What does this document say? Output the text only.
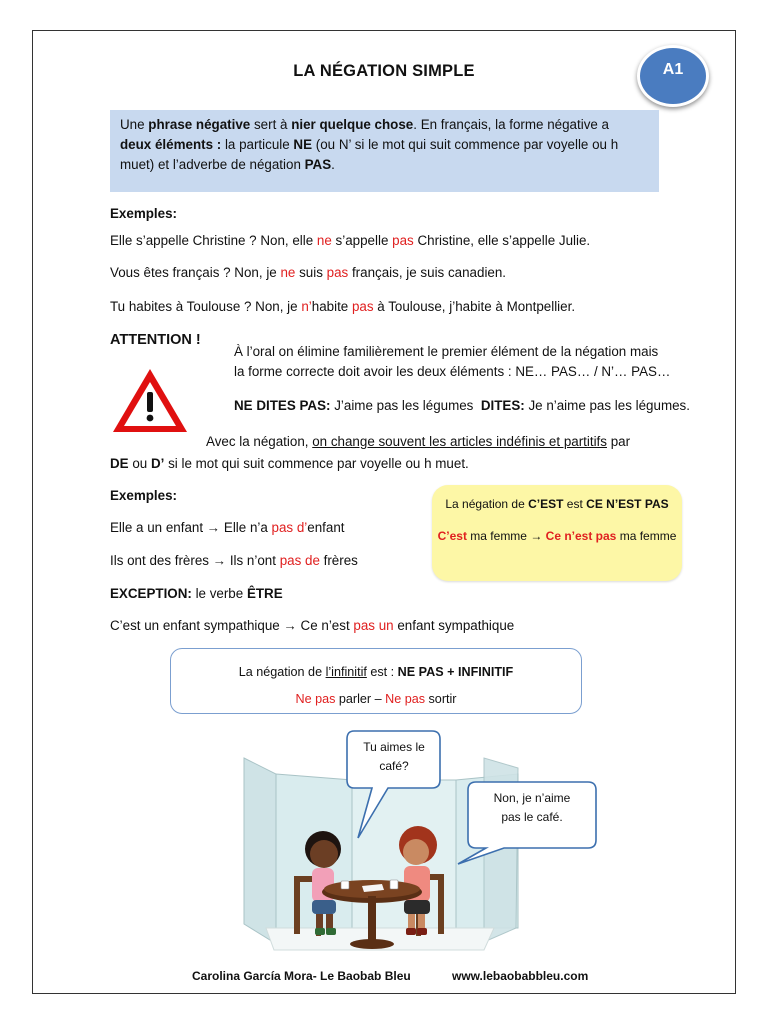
LA NÉGATION SIMPLE	A1
Une phrase négative sert à nier quelque chose. En français, la forme négative a
deux éléments : la particule NE (ou N’ si le mot qui suit commence par voyelle ou h
muet) et l’adverbe de négation PAS.
Exemples:
Elle s’appelle Christine ? Non, elle ne s’appelle pas Christine, elle s’appelle Julie.
Vous êtes français ? Non, je ne suis pas français, je suis canadien.
Tu habites à Toulouse ? Non, je n’habite pas à Toulouse, j’habite à Montpellier.
ATTENTION !
À l’oral on élimine familièrement le premier élément de la négation mais
la forme correcte doit avoir les deux éléments : NE… PAS… / N’… PAS…
NE DITES PAS: J’aime pas les légumes  DITES: Je n’aime pas les légumes.
Avec la négation, on change souvent les articles indéfinis et partitifs par
DE ou D’ si le mot qui suit commence par voyelle ou h muet.
Exemples:
Elle a un enfant → Elle n’a pas d’enfant
Ils ont des frères → Ils n’ont pas de frères
EXCEPTION: le verbe ÊTRE
C’est un enfant sympathique → Ce n’est pas un enfant sympathique
La négation de C’EST est CE N’EST PAS
C’est ma femme → Ce n’est pas ma femme
La négation de l’infinitif est : NE PAS + INFINITIF
Ne pas parler – Ne pas sortir
Tu aimes le
café?
Non, je n’aime
pas le café.
Carolina García Mora- Le Baobab Bleu	www.lebaobabbleu.com
